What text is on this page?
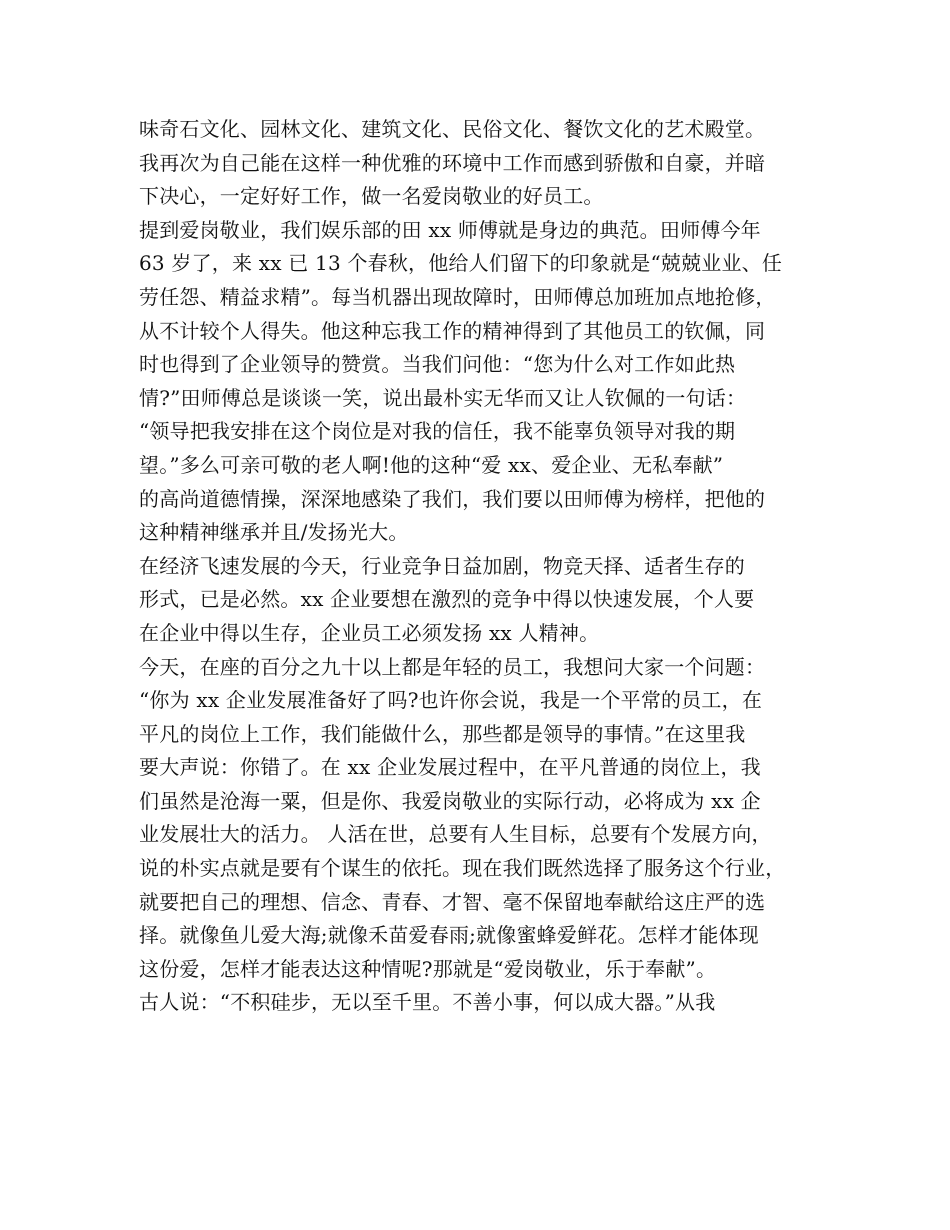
味奇石文化、园林文化、建筑文化、民俗文化、餐饮文化的艺术殿堂。
我再次为自己能在这样一种优雅的环境中工作而感到骄傲和自豪，并暗
下决心，一定好好工作，做一名爱岗敬业的好员工。
提到爱岗敬业，我们娱乐部的田 xx 师傅就是身边的典范。田师傅今年
63 岁了，来 xx 已 13 个春秋，他给人们留下的印象就是“兢兢业业、任
劳任怨、精益求精”。每当机器出现故障时，田师傅总加班加点地抢修，
从不计较个人得失。他这种忘我工作的精神得到了其他员工的钦佩，同
时也得到了企业领导的赞赏。当我们问他：“您为什么对工作如此热
情?”田师傅总是谈谈一笑，说出最朴实无华而又让人钦佩的一句话：
“领导把我安排在这个岗位是对我的信任，我不能辜负领导对我的期
望。”多么可亲可敬的老人啊!他的这种“爱 xx、爱企业、无私奉献”
的高尚道德情操，深深地感染了我们，我们要以田师傅为榜样，把他的
这种精神继承并且/发扬光大。
在经济飞速发展的今天，行业竞争日益加剧，物竞天择、适者生存的
形式，已是必然。xx 企业要想在激烈的竞争中得以快速发展，个人要
在企业中得以生存，企业员工必须发扬 xx 人精神。
今天，在座的百分之九十以上都是年轻的员工，我想问大家一个问题：
“你为 xx 企业发展准备好了吗?也许你会说，我是一个平常的员工，在
平凡的岗位上工作，我们能做什么，那些都是领导的事情。”在这里我
要大声说：你错了。在 xx 企业发展过程中，在平凡普通的岗位上，我
们虽然是沧海一粟，但是你、我爱岗敬业的实际行动，必将成为 xx 企
业发展壮大的活力。 人活在世，总要有人生目标，总要有个发展方向，
说的朴实点就是要有个谋生的依托。现在我们既然选择了服务这个行业，
就要把自己的理想、信念、青春、才智、毫不保留地奉献给这庄严的选
择。就像鱼儿爱大海;就像禾苗爱春雨;就像蜜蜂爱鲜花。怎样才能体现
这份爱，怎样才能表达这种情呢?那就是“爱岗敬业，乐于奉献”。
古人说：“不积硅步，无以至千里。不善小事，何以成大器。”从我
